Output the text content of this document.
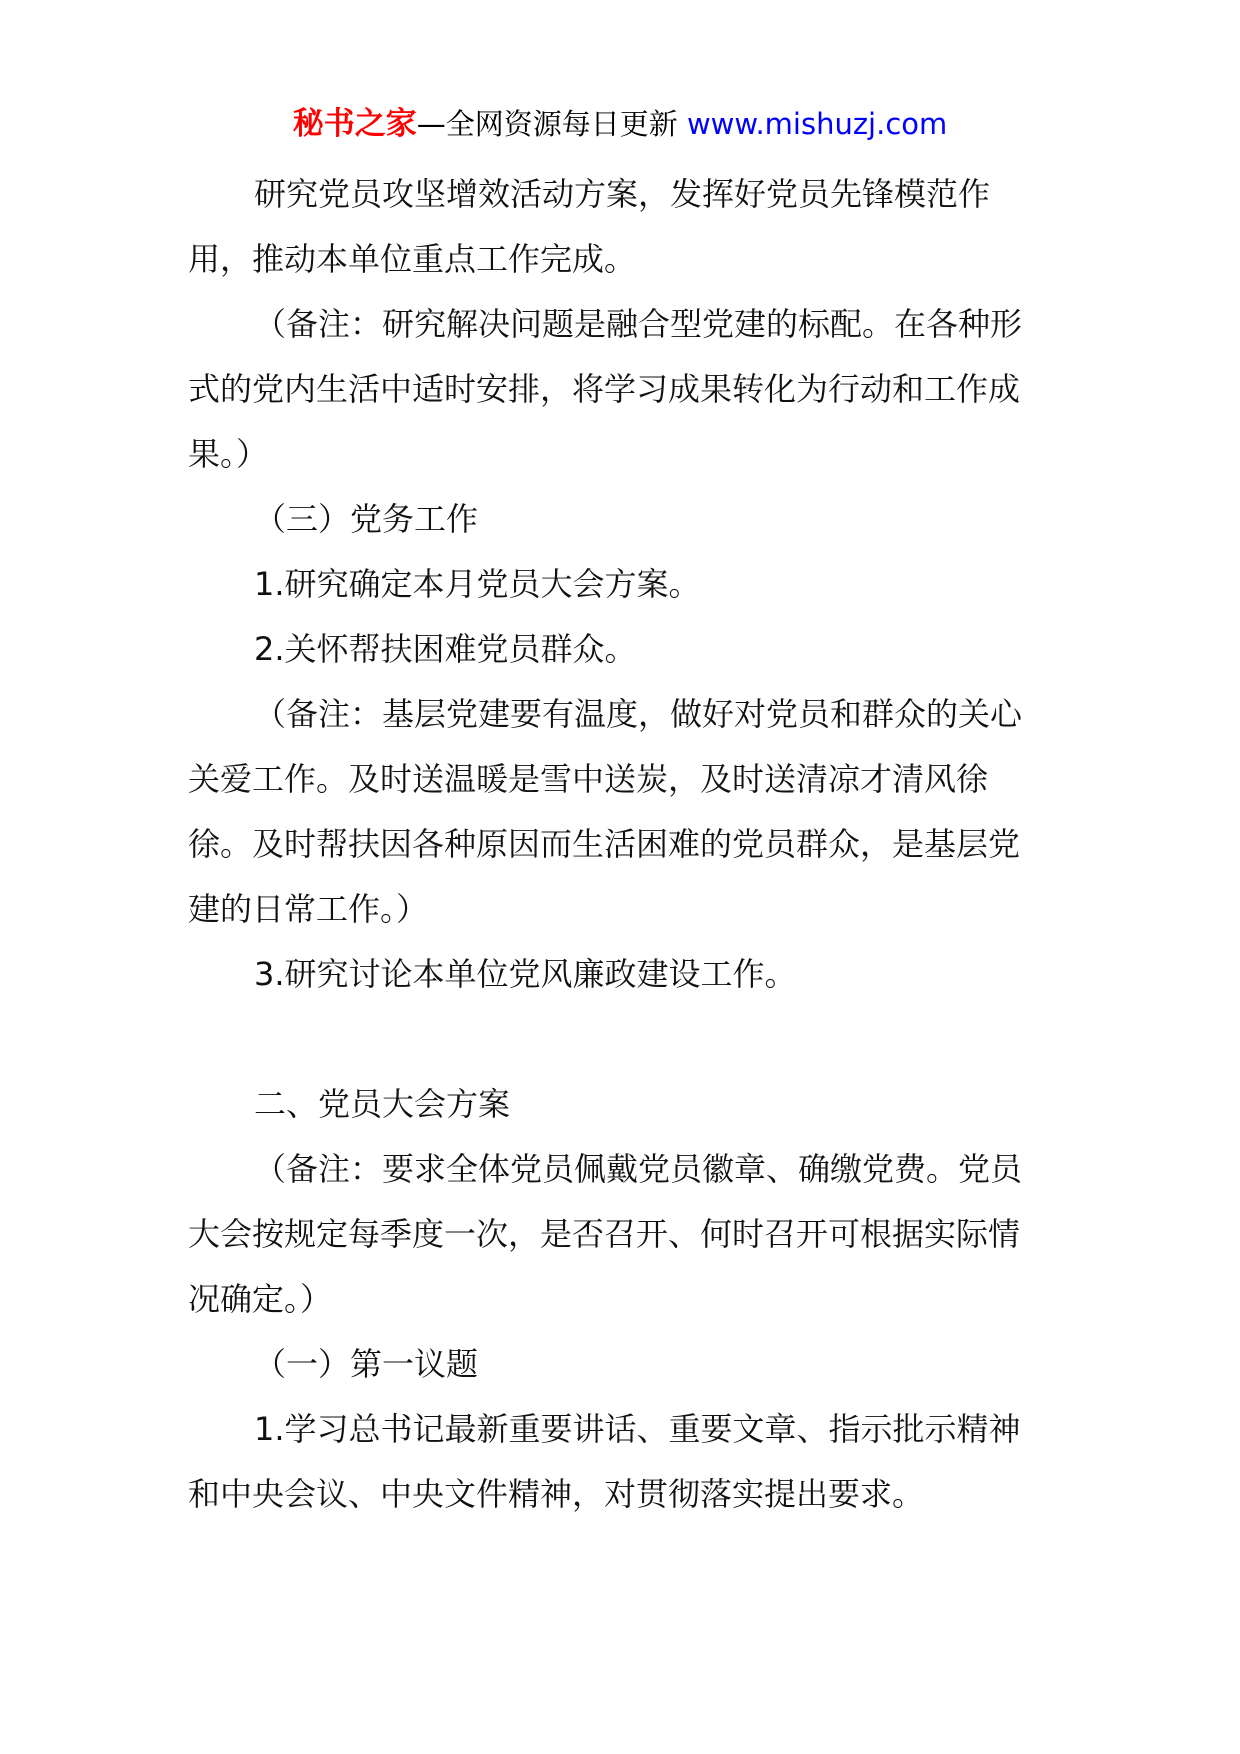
秘书之家—全网资源每日更新 www.mishuzj.com

研究党员攻坚增效活动方案，发挥好党员先锋模范作用，推动本单位重点工作完成。

（备注：研究解决问题是融合型党建的标配。在各种形式的党内生活中适时安排，将学习成果转化为行动和工作成果。）

（三）党务工作

1.研究确定本月党员大会方案。

2.关怀帮扶困难党员群众。

（备注：基层党建要有温度，做好对党员和群众的关心关爱工作。及时送温暖是雪中送炭，及时送清凉才清风徐徐。及时帮扶因各种原因而生活困难的党员群众，是基层党建的日常工作。）

3.研究讨论本单位党风廉政建设工作。

二、党员大会方案

（备注：要求全体党员佩戴党员徽章、确缴党费。党员大会按规定每季度一次，是否召开、何时召开可根据实际情况确定。）

（一）第一议题

1.学习总书记最新重要讲话、重要文章、指示批示精神和中央会议、中央文件精神，对贯彻落实提出要求。
